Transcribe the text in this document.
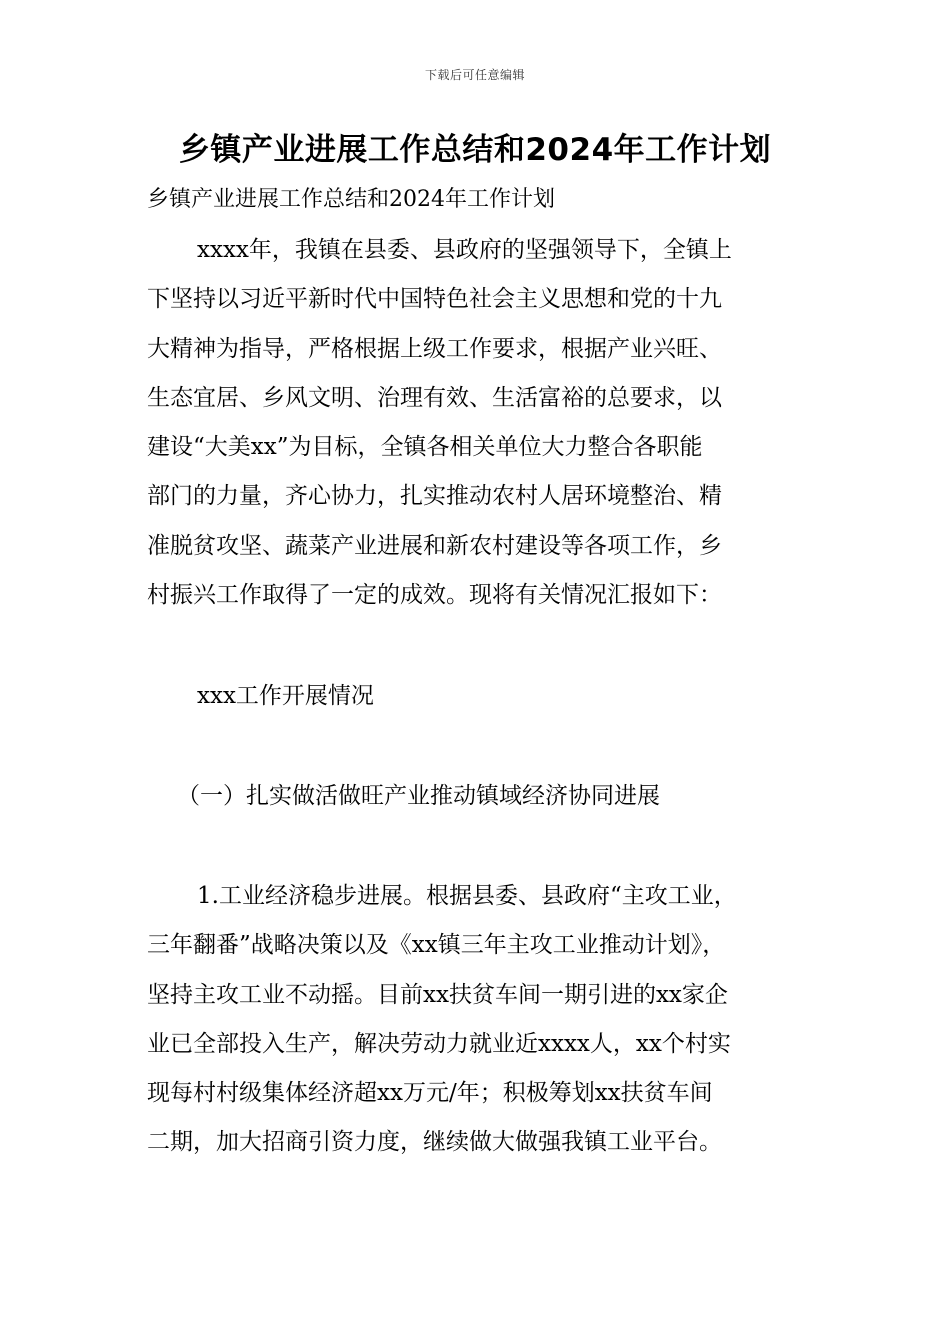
下载后可任意编辑
乡镇产业进展工作总结和2024年工作计划
乡镇产业进展工作总结和2024年工作计划
xxxx年，我镇在县委、县政府的坚强领导下，全镇上
下坚持以习近平新时代中国特色社会主义思想和党的十九
大精神为指导，严格根据上级工作要求，根据产业兴旺、
生态宜居、乡风文明、治理有效、生活富裕的总要求，以
建设“大美xx”为目标，全镇各相关单位大力整合各职能
部门的力量，齐心协力，扎实推动农村人居环境整治、精
准脱贫攻坚、蔬菜产业进展和新农村建设等各项工作，乡
村振兴工作取得了一定的成效。现将有关情况汇报如下：
xxx工作开展情况
（一）扎实做活做旺产业推动镇域经济协同进展
1.工业经济稳步进展。根据县委、县政府“主攻工业，
三年翻番”战略决策以及《xx镇三年主攻工业推动计划》，
坚持主攻工业不动摇。目前xx扶贫车间一期引进的xx家企
业已全部投入生产，解决劳动力就业近xxxx人，xx个村实
现每村村级集体经济超xx万元/年；积极筹划xx扶贫车间
二期，加大招商引资力度，继续做大做强我镇工业平台。
